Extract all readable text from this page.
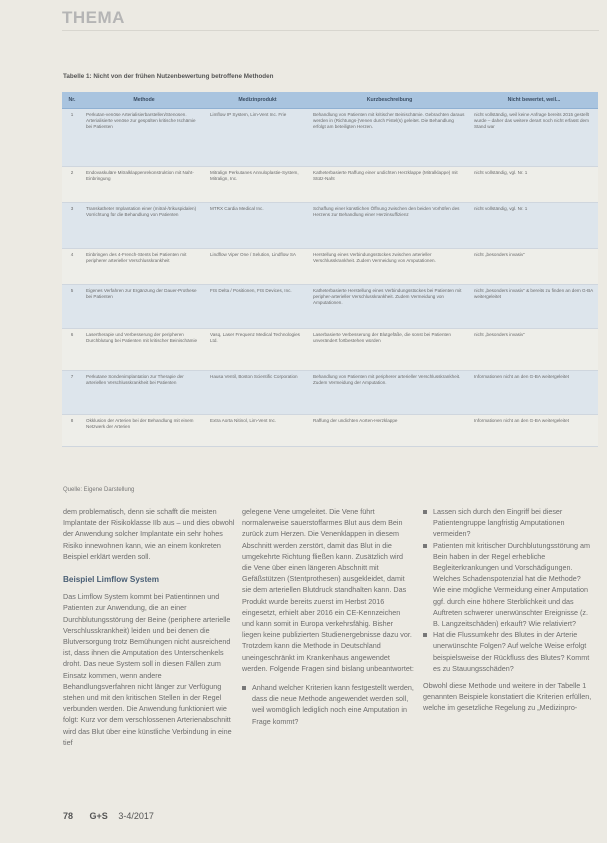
THEMA
Tabelle 1: Nicht von der frühen Nutzenbewertung betroffene Methoden
Nr.	Methode	Medizinprodukt	Kurzbeschreibung	Nicht bewertet, weil...
1	Perkutan-venöse Arterialisierbarstellen/Stenosen. Arterialisierte venöse zur gespülten kritische Ischämie bei Patienten	Limflow IP System, Lim-Vent Inc. Frie	Behandlung von Patienten mit kritischer Beinischämie. Gebrachten daraus werden in (Richtungs-)Venen durch Fistel(s) geleitet. Die Behandlung erfolgt am beteiligten Herzen.	nicht vollständig, weil keine Anfrage bereits 2015 gestellt wurde – daher das weitere derart noch nicht erfasst dem Stand war
2	Endovaskuläre Mitralklappenrekonstruktion mit Naht-Einbringung	Mitralign Perkutanes Annuloplastie-System, Mitralign, Inc.	Katheterbasierte Raffung einer undichten Herzklappe (Mitralklappe) mit Stütz-Naht	nicht vollständig, vgl. Nr. 1
3	Transkatheter Implantation einer (mitral-/trikuspidalen) Vorrichtung für die Behandlung von Patienten	MTRX Cardia Medical Inc.	Schaffung einer künstlichen Öffnung zwischen den beiden Vorhöfen des Herzens zur Behandlung einer Herzinsuffizienz	nicht vollständig, vgl. Nr. 1
4	Einbringen des 4-French-Stents bei Patienten mit peripherer arterieller Verschlusskrankheit	Lindflow Viper One / Selution, Lindflow SA	Herstellung eines Verbindungsstückes zwischen arterieller Verschlusskrankheit. Zudem Vermeidung von Amputationen.	nicht „besonders invasiv“
5	Eigenes Verfahren zur Ergänzung der Dauer-Prothese bei Patienten	FIS Delta / Positionen, FIS Devices, Inc.	Katheterbasierte Herstellung eines Verbindungsstückes bei Patienten mit peripher-arterieller Verschlusskrankheit. Zudem Vermeidung von Amputationen.	nicht „besonders invasiv“ & bereits zu finden an dem G-BA weitergeleitet
6	Lasertherapie und Verbesserung der peripheren Durchblutung bei Patienten mit kritischer Beinischämie	Vasq, Laser Frequenz Medical Technologies Ltd.	Laserbasierte Verbesserung der Blutgefäße, die sonst bei Patienten unverändert fortbestehen würden	nicht „besonders invasiv“
7	Perkutane Sondenimplantation zur Therapie der arteriellen Verschlusskrankheit bei Patienten	Hausa Ventil, Boston Scientific Corporation	Behandlung von Patienten mit peripherer arterieller Verschlusskrankheit. Zudem Vermeidung der Amputation.	Informationen nicht an den G-BA weitergeleitet
8	Okklusion der Arterien bei der Behandlung mit einem Netzwerk der Arterien	Extra Aorta Nitinol, Lim-Vent Inc.	Raffung der undichten Aorten-Herzklappe	Informationen nicht an den G-BA weitergeleitet
Quelle: Eigene Darstellung

dem problematisch, denn sie schafft die meisten Implantate der Risikoklasse IIb aus – und dies obwohl der Anwendung solcher Implantate ein sehr hohes Risiko innewohnen kann, wie an einem konkreten Beispiel erklärt werden soll.

Beispiel Limflow System

Das Limflow System kommt bei Patientinnen und Patienten zur Anwendung, die an einer Durchblutungsstörung der Beine (periphere arterielle Verschlusskrankheit) leiden und bei denen die Blutversorgung trotz Bemühungen nicht ausreichend ist, dass ihnen die Amputation des Unterschenkels droht. Das neue System soll in diesen Fällen zum Einsatz kommen, wenn andere Behandlungsverfahren nicht länger zur Verfügung stehen und mit den kritischen Stellen in der Regel verbunden werden. Die Anwendung funktioniert wie folgt: Kurz vor dem verschlossenen Arterienabschnitt wird das Blut über eine künstliche Verbindung in eine tief

gelegene Vene umgeleitet. Die Vene führt normalerweise sauerstoffarmes Blut aus dem Bein zurück zum Herzen. Die Venenklappen in diesem Abschnitt werden zerstört, damit das Blut in die umgekehrte Richtung fließen kann. Zusätzlich wird die Vene über einen längeren Abschnitt mit Gefäßstützen (Stentprothesen) ausgekleidet, damit sie dem arteriellen Blutdruck standhalten kann. Das Produkt wurde bereits zuerst im Herbst 2016 eingesetzt, erhielt aber 2016 ein CE-Kennzeichen und kann somit in Europa verkehrsfähig. Bisher liegen keine publizierten Studienergebnisse dazu vor. Trotzdem kann die Methode in Deutschland uneingeschränkt im Krankenhaus angewendet werden. Folgende Fragen sind bislang unbeantwortet:

Anhand welcher Kriterien kann festgestellt werden, dass die neue Methode angewendet werden soll, weil womöglich lediglich noch eine Amputation in Frage kommt?
Lassen sich durch den Eingriff bei dieser Patientengruppe langfristig Amputationen vermeiden?
Patienten mit kritischer Durchblutungsstörung am Bein haben in der Regel erhebliche Begleiterkrankungen und Vorschädigungen. Welches Schadenspotenzial hat die Methode? Wie eine mögliche Vermeidung einer Amputation ggf. durch eine höhere Sterblichkeit und das Auftreten schwerer unerwünschter Ereignisse (z. B. Langzeitschäden) erkauft? Wie relativiert?
Hat die Flussumkehr des Blutes in der Arterie unerwünschte Folgen? Auf welche Weise erfolgt beispielsweise der Rückfluss des Blutes? Kommt es zu Stauungsschäden?

Obwohl diese Methode und weitere in der Tabelle 1 genannten Beispiele konstatiert die Kriterien erfüllen, welche im gesetzliche Regelung zu „Medizinpro-

78 G+S 3-4/2017
